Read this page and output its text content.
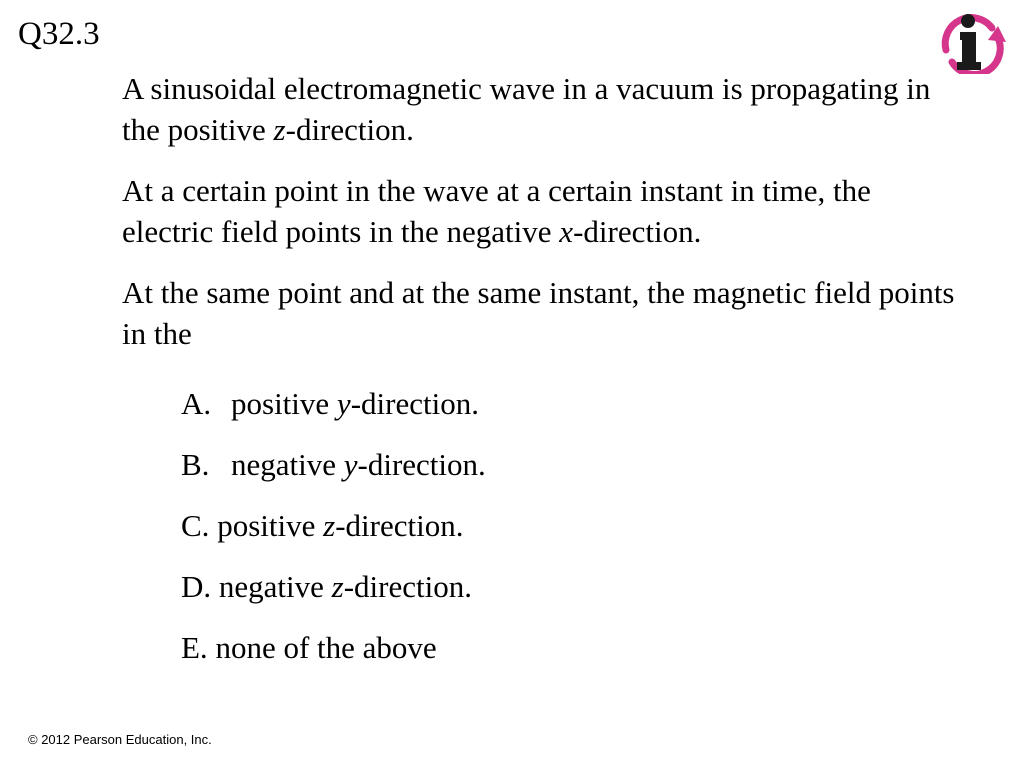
Q32.3

A sinusoidal electromagnetic wave in a vacuum is propagating in the positive z-direction.

At a certain point in the wave at a certain instant in time, the electric field points in the negative x-direction.

At the same point and at the same instant, the magnetic field points in the

A. positive y-direction.
B. negative y-direction.
C. positive z-direction.
D. negative z-direction.
E. none of the above
© 2012 Pearson Education, Inc.
